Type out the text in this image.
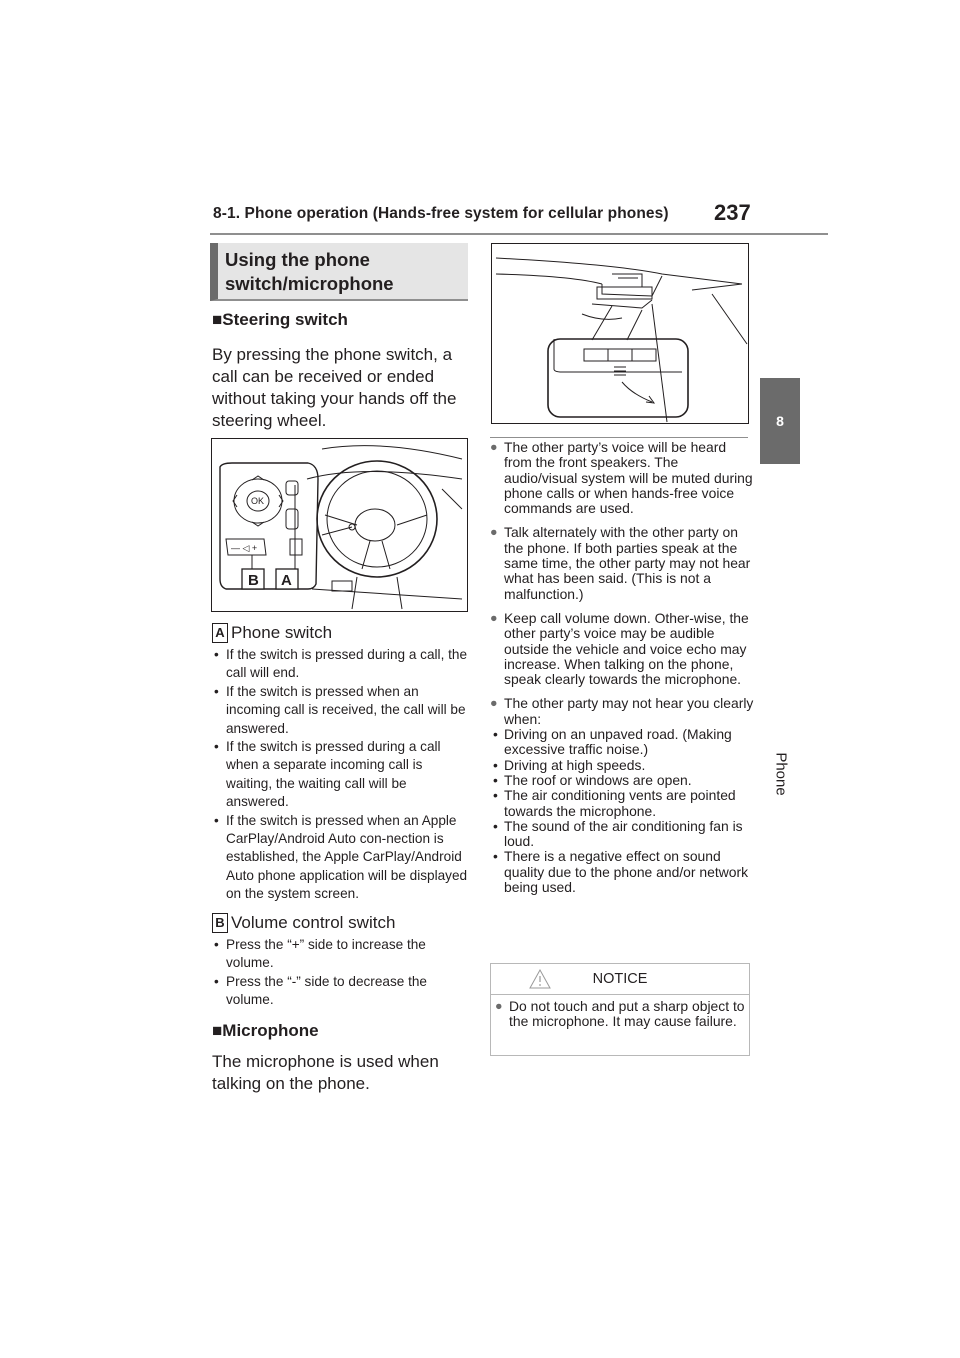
8-1. Phone operation (Hands-free system for cellular phones) 237
8
Phone
Using the phone switch/microphone
■Steering switch
By pressing the phone switch, a call can be received or ended without taking your hands off the steering wheel.
OK
— ◁ +
B A
A Phone switch
• If the switch is pressed during a call, the call will end.
• If the switch is pressed when an incoming call is received, the call will be answered.
• If the switch is pressed during a call when a separate incoming call is waiting, the waiting call will be answered.
• If the switch is pressed when an Apple CarPlay/Android Auto con-nection is established, the Apple CarPlay/Android Auto phone application will be displayed on the system screen.
B Volume control switch
• Press the “+” side to increase the volume.
• Press the “-” side to decrease the volume.
■Microphone
The microphone is used when talking on the phone.
● The other party’s voice will be heard from the front speakers. The audio/visual system will be muted during phone calls or when hands-free voice commands are used.
● Talk alternately with the other party on the phone. If both parties speak at the same time, the other party may not hear what has been said. (This is not a malfunction.)
● Keep call volume down. Other-wise, the other party’s voice may be audible outside the vehicle and voice echo may increase. When talking on the phone, speak clearly towards the microphone.
● The other party may not hear you clearly when:
• Driving on an unpaved road. (Making excessive traffic noise.)
• Driving at high speeds.
• The roof or windows are open.
• The air conditioning vents are pointed towards the microphone.
• The sound of the air conditioning fan is loud.
• There is a negative effect on sound quality due to the phone and/or network being used.
NOTICE
● Do not touch and put a sharp object to the microphone. It may cause failure.
